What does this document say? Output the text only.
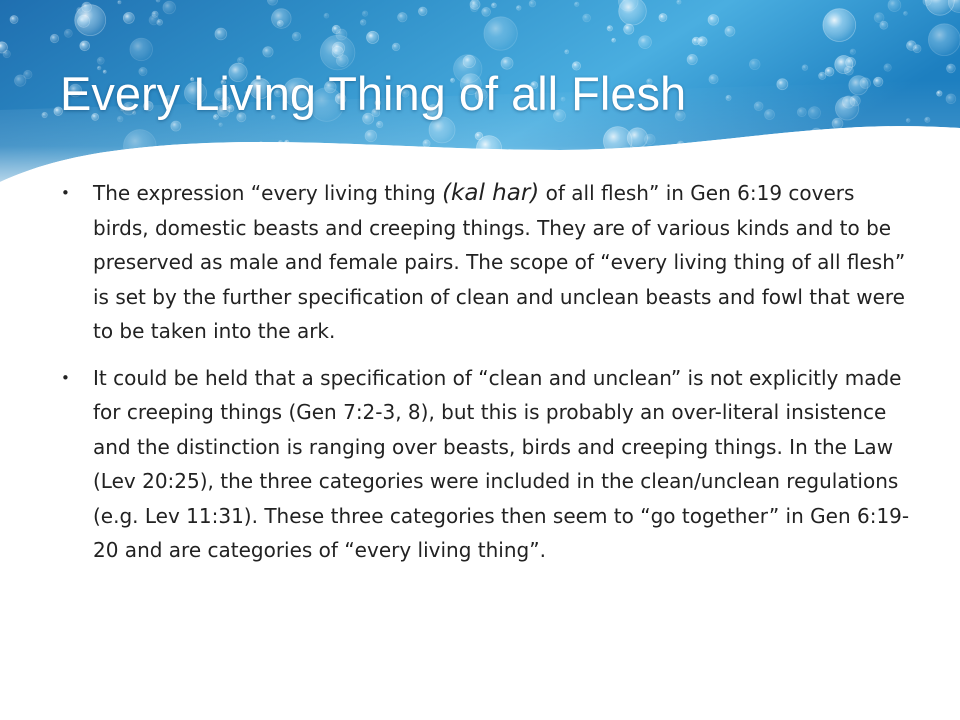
Every Living Thing of all Flesh
• The expression “every living thing (kal har) of all flesh” in Gen 6:19 covers birds, domestic beasts and creeping things. They are of various kinds and to be preserved as male and female pairs. The scope of “every living thing of all flesh” is set by the further specification of clean and unclean beasts and fowl that were to be taken into the ark.
• It could be held that a specification of “clean and unclean” is not explicitly made for creeping things (Gen 7:2-3, 8), but this is probably an over-literal insistence and the distinction is ranging over beasts, birds and creeping things. In the Law (Lev 20:25), the three categories were included in the clean/unclean regulations (e.g. Lev 11:31). These three categories then seem to “go together” in Gen 6:19-20 and are categories of “every living thing”.
